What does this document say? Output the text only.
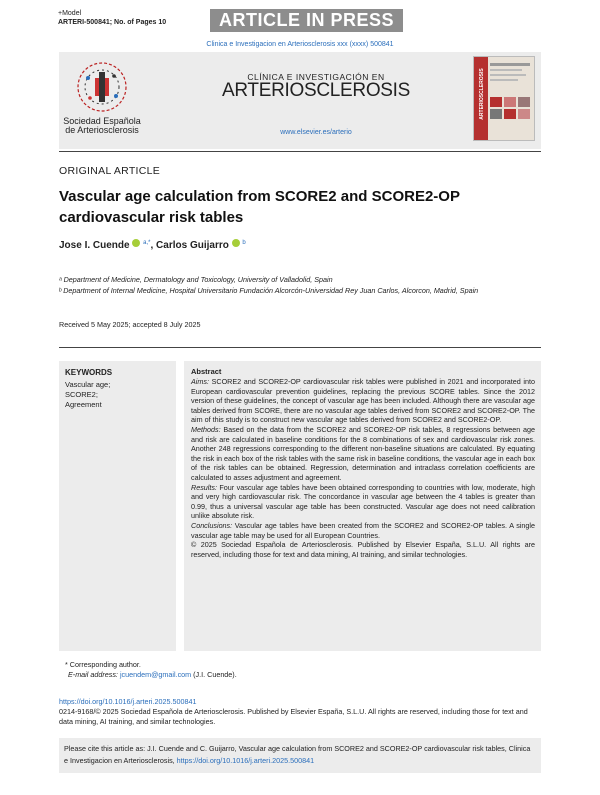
+Model
ARTERI-500841; No. of Pages 10	ARTICLE IN PRESS
Clinica e Investigacion en Arteriosclerosis xxx (xxxx) 500841
Sociedad Española de Arteriosclerosis
CLÍNICA E INVESTIGACIÓN EN
ARTERIOSCLEROSIS
www.elsevier.es/arterio
ARTERIOSCLEROSIS
ORIGINAL ARTICLE
Vascular age calculation from SCORE2 and SCORE2-OP cardiovascular risk tables
Jose I. Cuende $^{a,*}$, Carlos Guijarro $^b$
ᵃ Department of Medicine, Dermatology and Toxicology, University of Valladolid, Spain
ᵇ Department of Internal Medicine, Hospital Universitario Fundación Alcorcón-Universidad Rey Juan Carlos, Alcorcon, Madrid, Spain
Received 5 May 2025; accepted 8 July 2025
KEYWORDS
Vascular age;
SCORE2;
Agreement
Abstract

Aims: SCORE2 and SCORE2-OP cardiovascular risk tables were published in 2021 and incorporated into European cardiovascular prevention guidelines, replacing the previous SCORE tables. Since the 2012 version of these guidelines, the concept of vascular age has been included. Although there are vascular age tables derived from SCORE, there are no vascular age tables derived from SCORE2 and SCORE2-OP. The aim of this study is to construct new vascular age tables derived from SCORE2 and SCORE2-OP.

Methods: Based on the data from the SCORE2 and SCORE2-OP risk tables, 8 regressions between age and risk are calculated in baseline conditions for the 8 combinations of sex and cardiovascular risk zones. Another 248 regressions corresponding to the different non-baseline situations are calculated. By equating the risk in each box of the risk tables with the same risk in baseline conditions, the vascular age in each box of the risk tables can be obtained. Regression, determination and intraclass correlation coefficients are calculated to asses adjustment and agreement.

Results: Four vascular age tables have been obtained corresponding to countries with low, moderate, high and very high cardiovascular risk. The concordance in vascular age between the 4 tables is greater than 0.99, thus a universal vascular age table has been constructed. Vascular age does not need calibration unlike absolute risk.

Conclusions: Vascular age tables have been created from the SCORE2 and SCORE2-OP tables. A single vascular age table may be used for all European Countries.

© 2025 Sociedad Española de Arteriosclerosis. Published by Elsevier España, S.L.U. All rights are reserved, including those for text and data mining, AI training, and similar technologies.

* Corresponding author.
E-mail address: jcuendem@gmail.com (J.I. Cuende).
https://doi.org/10.1016/j.arteri.2025.500841
0214-9168/© 2025 Sociedad Española de Arteriosclerosis. Published by Elsevier España, S.L.U. All rights are reserved, including those for text and data mining, AI training, and similar technologies.
Please cite this article as: J.I. Cuende and C. Guijarro, Vascular age calculation from SCORE2 and SCORE2-OP cardiovascular risk tables, Clinica e Investigacion en Arteriosclerosis, https://doi.org/10.1016/j.arteri.2025.500841
